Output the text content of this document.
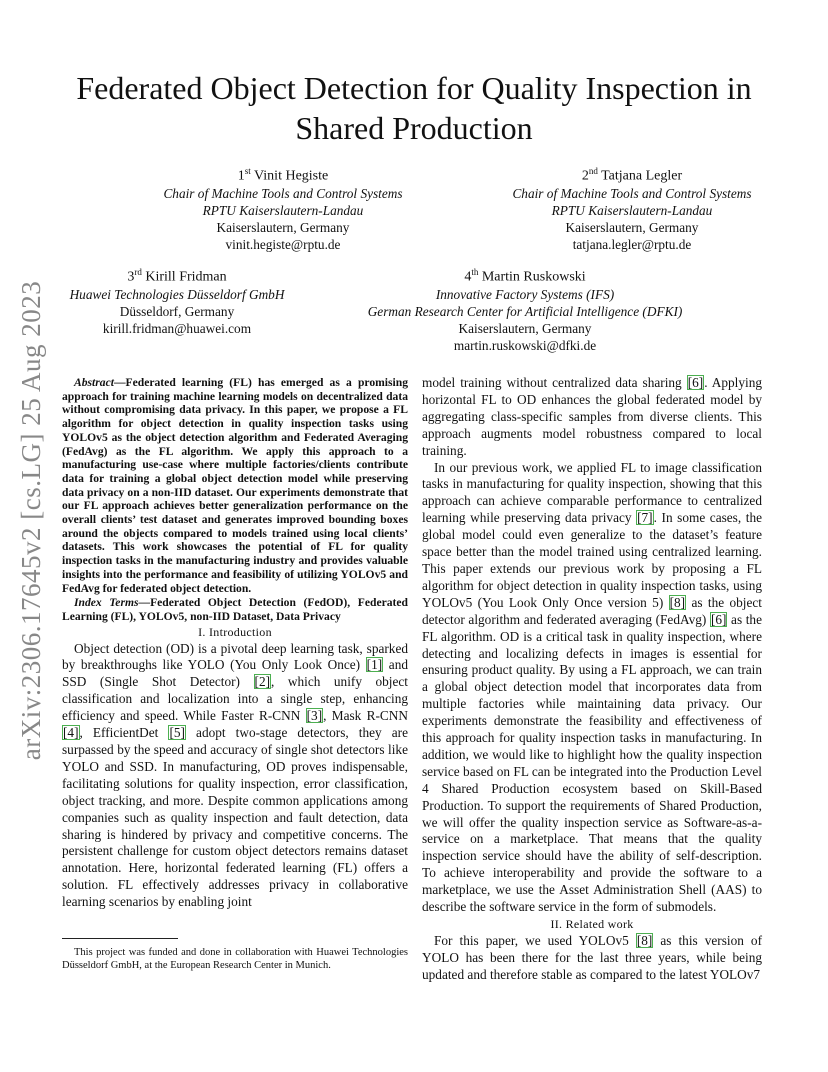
arXiv:2306.17645v2 [cs.LG] 25 Aug 2023
Federated Object Detection for Quality Inspection in Shared Production
1st Vinit Hegiste
Chair of Machine Tools and Control Systems
RPTU Kaiserslautern-Landau
Kaiserslautern, Germany
vinit.hegiste@rptu.de
2nd Tatjana Legler
Chair of Machine Tools and Control Systems
RPTU Kaiserslautern-Landau
Kaiserslautern, Germany
tatjana.legler@rptu.de
3rd Kirill Fridman
Huawei Technologies Düsseldorf GmbH
Düsseldorf, Germany
kirill.fridman@huawei.com
4th Martin Ruskowski
Innovative Factory Systems (IFS)
German Research Center for Artificial Intelligence (DFKI)
Kaiserslautern, Germany
martin.ruskowski@dfki.de

Abstract—Federated learning (FL) has emerged as a promising approach for training machine learning models on decentralized data without compromising data privacy. In this paper, we propose a FL algorithm for object detection in quality inspection tasks using YOLOv5 as the object detection algorithm and Federated Averaging (FedAvg) as the FL algorithm. We apply this approach to a manufacturing use-case where multiple factories/clients contribute data for training a global object detection model while preserving data privacy on a non-IID dataset. Our experiments demonstrate that our FL approach achieves better generalization performance on the overall clients’ test dataset and generates improved bounding boxes around the objects compared to models trained using local clients’ datasets. This work showcases the potential of FL for quality inspection tasks in the manufacturing industry and provides valuable insights into the performance and feasibility of utilizing YOLOv5 and FedAvg for federated object detection.

Index Terms—Federated Object Detection (FedOD), Federated Learning (FL), YOLOv5, non-IID Dataset, Data Privacy

I. Introduction

Object detection (OD) is a pivotal deep learning task, sparked by breakthroughs like YOLO (You Only Look Once) [1] and SSD (Single Shot Detector) [2], which unify object classification and localization into a single step, enhancing efficiency and speed. While Faster R-CNN [3], Mask R-CNN [4], EfficientDet [5] adopt two-stage detectors, they are surpassed by the speed and accuracy of single shot detectors like YOLO and SSD. In manufacturing, OD proves indispensable, facilitating solutions for quality inspection, error classification, object tracking, and more. Despite common applications among companies such as quality inspection and fault detection, data sharing is hindered by privacy and competitive concerns. The persistent challenge for custom object detectors remains dataset annotation. Here, horizontal federated learning (FL) offers a solution. FL effectively addresses privacy in collaborative learning scenarios by enabling joint

This project was funded and done in collaboration with Huawei Technologies Düsseldorf GmbH, at the European Research Center in Munich.

model training without centralized data sharing [6]. Applying horizontal FL to OD enhances the global federated model by aggregating class-specific samples from diverse clients. This approach augments model robustness compared to local training.

In our previous work, we applied FL to image classification tasks in manufacturing for quality inspection, showing that this approach can achieve comparable performance to centralized learning while preserving data privacy [7]. In some cases, the global model could even generalize to the dataset’s feature space better than the model trained using centralized learning. This paper extends our previous work by proposing a FL algorithm for object detection in quality inspection tasks, using YOLOv5 (You Look Only Once version 5) [8] as the object detector algorithm and federated averaging (FedAvg) [6] as the FL algorithm. OD is a critical task in quality inspection, where detecting and localizing defects in images is essential for ensuring product quality. By using a FL approach, we can train a global object detection model that incorporates data from multiple factories while maintaining data privacy. Our experiments demonstrate the feasibility and effectiveness of this approach for quality inspection tasks in manufacturing. In addition, we would like to highlight how the quality inspection service based on FL can be integrated into the Production Level 4 Shared Production ecosystem based on Skill-Based Production. To support the requirements of Shared Production, we will offer the quality inspection service as Software-as-a-service on a marketplace. That means that the quality inspection service should have the ability of self-description. To achieve interoperability and provide the software to a marketplace, we use the Asset Administration Shell (AAS) to describe the software service in the form of submodels.

II. Related work

For this paper, we used YOLOv5 [8] as this version of YOLO has been there for the last three years, while being updated and therefore stable as compared to the latest YOLOv7
